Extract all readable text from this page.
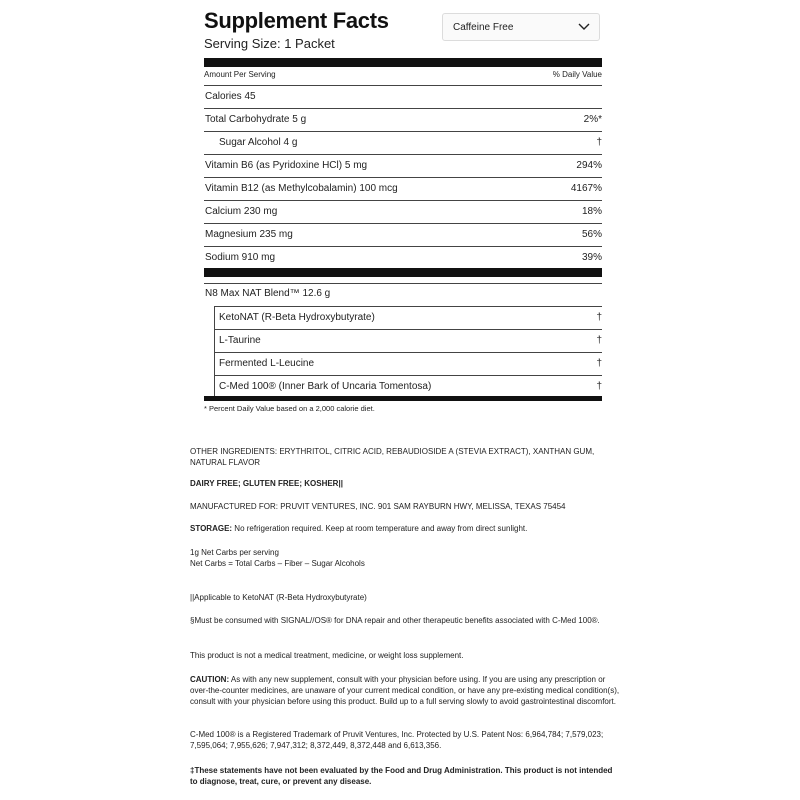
Supplement Facts
Serving Size: 1 Packet
Caffeine Free
Amount Per Serving	% Daily Value
Calories 45
Total Carbohydrate 5 g	2%*
Sugar Alcohol 4 g	†
Vitamin B6 (as Pyridoxine HCl) 5 mg	294%
Vitamin B12 (as Methylcobalamin) 100 mcg	4167%
Calcium 230 mg	18%
Magnesium 235 mg	56%
Sodium 910 mg	39%
N8 Max NAT Blend™ 12.6 g
KetoNAT (R-Beta Hydroxybutyrate)	†
L-Taurine	†
Fermented L-Leucine	†
C-Med 100® (Inner Bark of Uncaria Tomentosa)	†
* Percent Daily Value based on a 2,000 calorie diet.
OTHER INGREDIENTS: ERYTHRITOL, CITRIC ACID, REBAUDIOSIDE A (STEVIA EXTRACT), XANTHAN GUM, NATURAL FLAVOR
DAIRY FREE; GLUTEN FREE; KOSHER||
MANUFACTURED FOR: PRUVIT VENTURES, INC. 901 SAM RAYBURN HWY, MELISSA, TEXAS 75454
STORAGE: No refrigeration required. Keep at room temperature and away from direct sunlight.
1g Net Carbs per serving
Net Carbs = Total Carbs – Fiber – Sugar Alcohols
||Applicable to KetoNAT (R-Beta Hydroxybutyrate)
§Must be consumed with SIGNAL//OS® for DNA repair and other therapeutic benefits associated with C-Med 100®.
This product is not a medical treatment, medicine, or weight loss supplement.
CAUTION: As with any new supplement, consult with your physician before using. If you are using any prescription or over-the-counter medicines, are unaware of your current medical condition, or have any pre-existing medical condition(s), consult with your physician before using this product. Build up to a full serving slowly to avoid gastrointestinal discomfort.
C-Med 100® is a Registered Trademark of Pruvit Ventures, Inc. Protected by U.S. Patent Nos: 6,964,784; 7,579,023; 7,595,064; 7,955,626; 7,947,312; 8,372,449, 8,372,448 and 6,613,356.
‡These statements have not been evaluated by the Food and Drug Administration. This product is not intended to diagnose, treat, cure, or prevent any disease.
